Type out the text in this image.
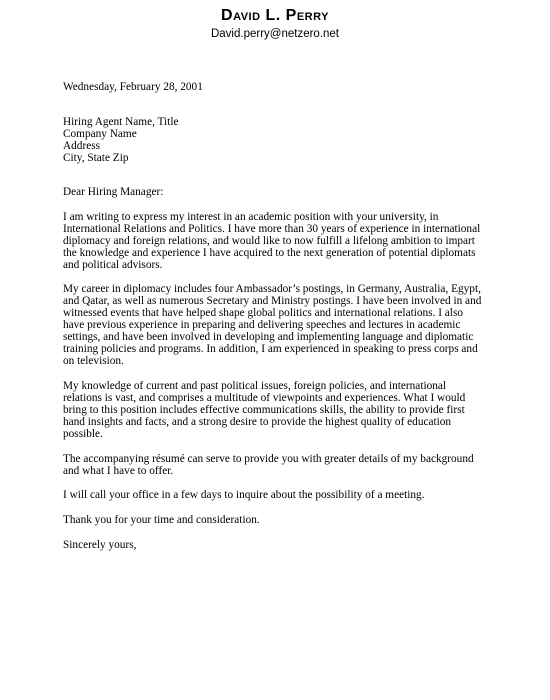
David L. Perry
David.perry@netzero.net
Wednesday, February 28, 2001
Hiring Agent Name, Title
Company Name
Address
City, State Zip
Dear Hiring Manager:
I am writing to express my interest in an academic position with your university, in
International Relations and Politics. I have more than 30 years of experience in international
diplomacy and foreign relations, and would like to now fulfill a lifelong ambition to impart
the knowledge and experience I have acquired to the next generation of potential diplomats
and political advisors.
My career in diplomacy includes four Ambassador’s postings, in Germany, Australia, Egypt,
and Qatar, as well as numerous Secretary and Ministry postings. I have been involved in and
witnessed events that have helped shape global politics and international relations. I also
have previous experience in preparing and delivering speeches and lectures in academic
settings, and have been involved in developing and implementing language and diplomatic
training policies and programs. In addition, I am experienced in speaking to press corps and
on television.
My knowledge of current and past political issues, foreign policies, and international
relations is vast, and comprises a multitude of viewpoints and experiences. What I would
bring to this position includes effective communications skills, the ability to provide first
hand insights and facts, and a strong desire to provide the highest quality of education
possible.
The accompanying résumé can serve to provide you with greater details of my background
and what I have to offer.
I will call your office in a few days to inquire about the possibility of a meeting.
Thank you for your time and consideration.
Sincerely yours,
